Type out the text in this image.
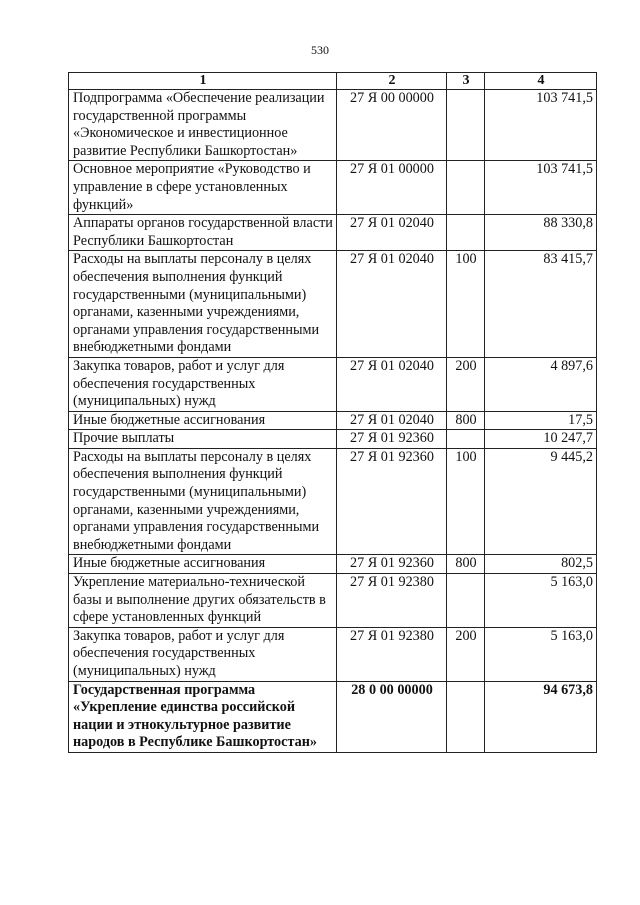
530
1	2	3	4
Подпрограмма «Обеспечение реализации государственной программы «Экономическое и инвестиционное развитие Республики Башкортостан»	27 Я 00 00000		103 741,5
Основное мероприятие «Руководство и управление в сфере установленных функций»	27 Я 01 00000		103 741,5
Аппараты органов государственной власти Республики Башкортостан	27 Я 01 02040		88 330,8
Расходы на выплаты персоналу в целях обеспечения выполнения функций государственными (муниципальными) органами, казенными учреждениями, органами управления государственными внебюджетными фондами	27 Я 01 02040	100	83 415,7
Закупка товаров, работ и услуг для обеспечения государственных (муниципальных) нужд	27 Я 01 02040	200	4 897,6
Иные бюджетные ассигнования	27 Я 01 02040	800	17,5
Прочие выплаты	27 Я 01 92360		10 247,7
Расходы на выплаты персоналу в целях обеспечения выполнения функций государственными (муниципальными) органами, казенными учреждениями, органами управления государственными внебюджетными фондами	27 Я 01 92360	100	9 445,2
Иные бюджетные ассигнования	27 Я 01 92360	800	802,5
Укрепление материально-технической базы и выполнение других обязательств в сфере установленных функций	27 Я 01 92380		5 163,0
Закупка товаров, работ и услуг для обеспечения государственных (муниципальных) нужд	27 Я 01 92380	200	5 163,0
Государственная программа «Укрепление единства российской нации и этнокультурное развитие народов в Республике Башкортостан»	28 0 00 00000		94 673,8
